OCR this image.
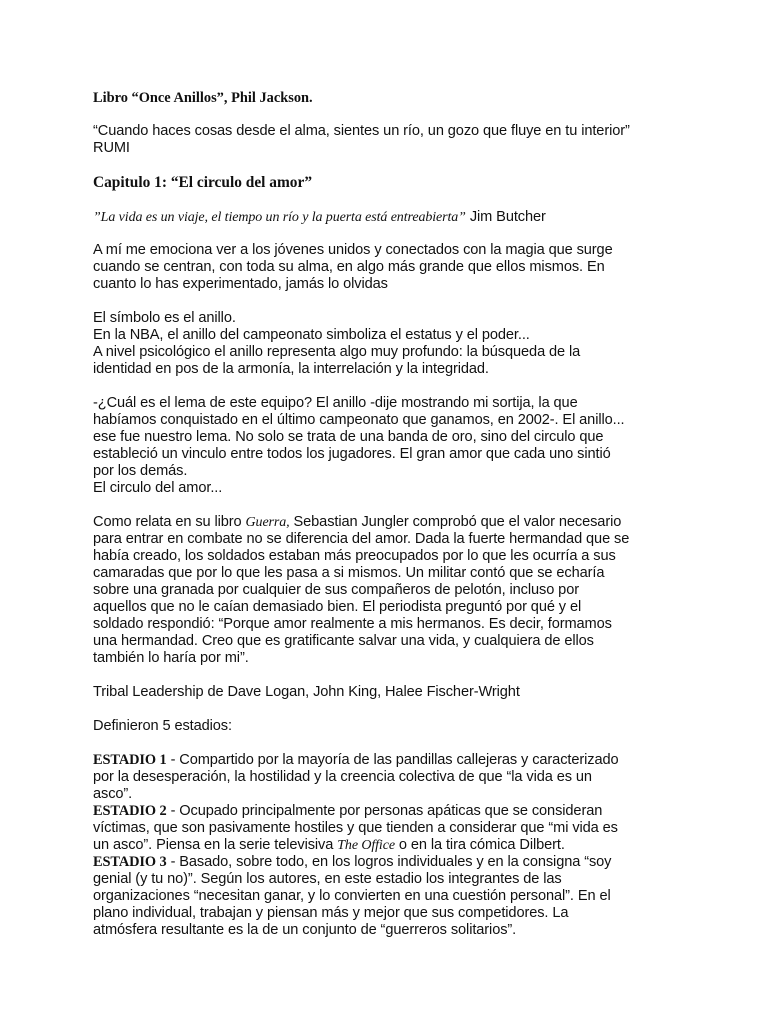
Libro “Once Anillos”, Phil Jackson.
“Cuando haces cosas desde el alma, sientes un río, un gozo que fluye en tu interior”
RUMI
Capitulo 1: “El circulo del amor”
”La vida es un viaje, el tiempo un río y la puerta está entreabierta” Jim Butcher
A mí me emociona ver a los jóvenes unidos y conectados con la magia que surge
cuando se centran, con toda su alma, en algo más grande que ellos mismos. En
cuanto lo has experimentado, jamás lo olvidas
El símbolo es el anillo.
En la NBA, el anillo del campeonato simboliza el estatus y el poder...
A nivel psicológico el anillo representa algo muy profundo: la búsqueda de la
identidad en pos de la armonía, la interrelación y la integridad.
-¿Cuál es el lema de este equipo? El anillo -dije mostrando mi sortija, la que
habíamos conquistado en el último campeonato que ganamos, en 2002-. El anillo...
ese fue nuestro lema. No solo se trata de una banda de oro, sino del circulo que
estableció un vinculo entre todos los jugadores. El gran amor que cada uno sintió
por los demás.
El circulo del amor...
Como relata en su libro Guerra, Sebastian Jungler comprobó que el valor necesario
para entrar en combate no se diferencia del amor. Dada la fuerte hermandad que se
había creado, los soldados estaban más preocupados por lo que les ocurría a sus
camaradas que por lo que les pasa a si mismos. Un militar contó que se echaría
sobre una granada por cualquier de sus compañeros de pelotón, incluso por
aquellos que no le caían demasiado bien. El periodista preguntó por qué y el
soldado respondió: “Porque amor realmente a mis hermanos. Es decir, formamos
una hermandad. Creo que es gratificante salvar una vida, y cualquiera de ellos
también lo haría por mi”.
Tribal Leadership de Dave Logan, John King, Halee Fischer-Wright
Definieron 5 estadios:
ESTADIO 1 - Compartido por la mayoría de las pandillas callejeras y caracterizado
por la desesperación, la hostilidad y la creencia colectiva de que “la vida es un
asco”.
ESTADIO 2 - Ocupado principalmente por personas apáticas que se consideran
víctimas, que son pasivamente hostiles y que tienden a considerar que “mi vida es
un asco”. Piensa en la serie televisiva The Office o en la tira cómica Dilbert.
ESTADIO 3 - Basado, sobre todo, en los logros individuales y en la consigna “soy
genial (y tu no)”. Según los autores, en este estadio los integrantes de las
organizaciones “necesitan ganar, y lo convierten en una cuestión personal”. En el
plano individual, trabajan y piensan más y mejor que sus competidores. La
atmósfera resultante es la de un conjunto de “guerreros solitarios”.
